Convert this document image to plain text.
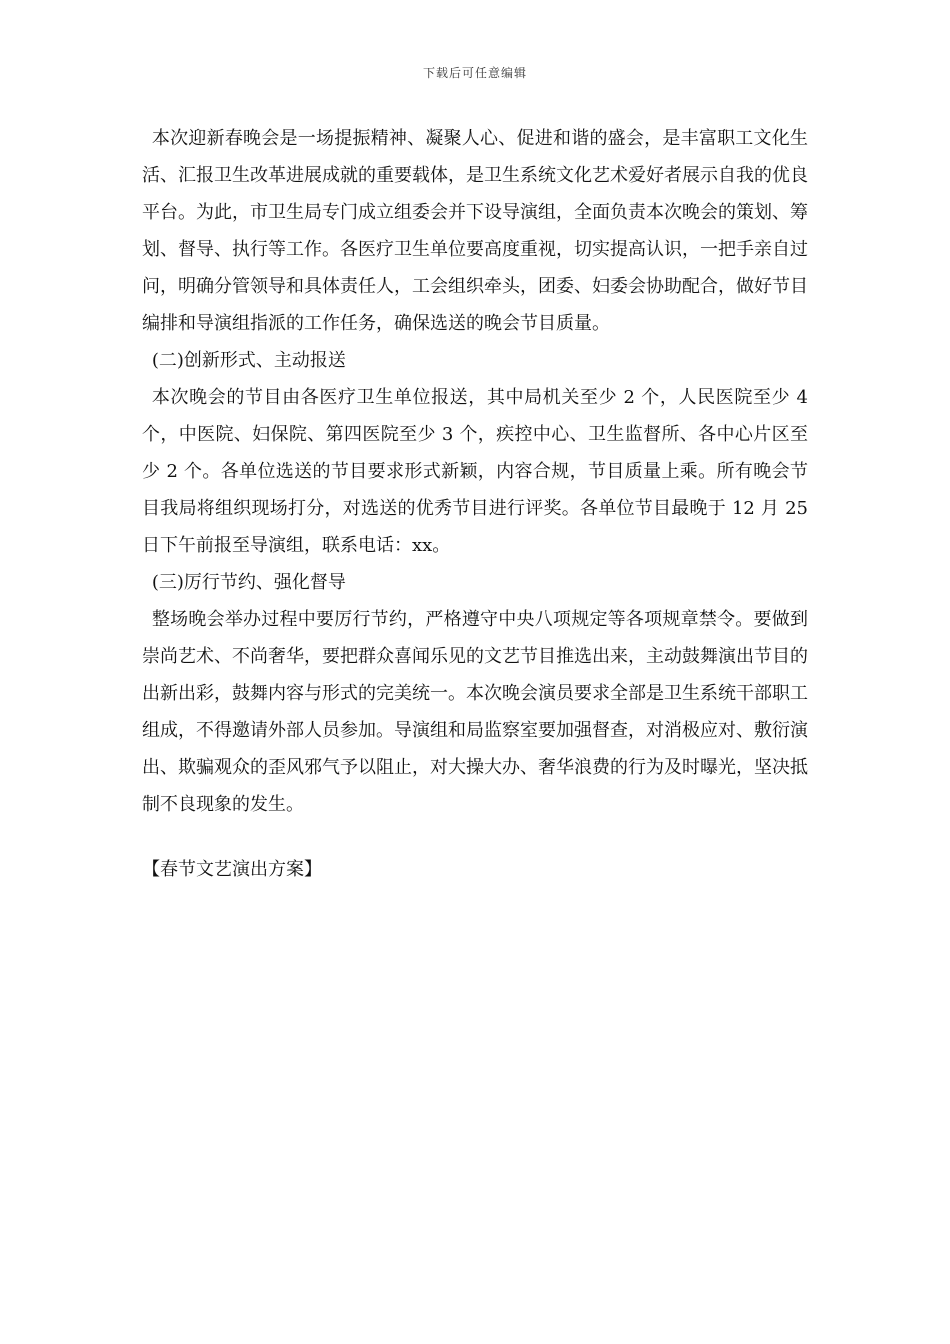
下载后可任意编辑

本次迎新春晚会是一场提振精神、凝聚人心、促进和谐的盛会，是丰富职工文化生活、汇报卫生改革进展成就的重要载体，是卫生系统文化艺术爱好者展示自我的优良平台。为此，市卫生局专门成立组委会并下设导演组，全面负责本次晚会的策划、筹划、督导、执行等工作。各医疗卫生单位要高度重视，切实提高认识，一把手亲自过问，明确分管领导和具体责任人，工会组织牵头，团委、妇委会协助配合，做好节目编排和导演组指派的工作任务，确保选送的晚会节目质量。

(二)创新形式、主动报送

本次晚会的节目由各医疗卫生单位报送，其中局机关至少 2 个，人民医院至少 4 个，中医院、妇保院、第四医院至少 3 个，疾控中心、卫生监督所、各中心片区至少 2 个。各单位选送的节目要求形式新颖，内容合规，节目质量上乘。所有晚会节目我局将组织现场打分，对选送的优秀节目进行评奖。各单位节目最晚于 12 月 25 日下午前报至导演组，联系电话：xx。

(三)厉行节约、强化督导

整场晚会举办过程中要厉行节约，严格遵守中央八项规定等各项规章禁令。要做到崇尚艺术、不尚奢华，要把群众喜闻乐见的文艺节目推选出来，主动鼓舞演出节目的出新出彩，鼓舞内容与形式的完美统一。本次晚会演员要求全部是卫生系统干部职工组成，不得邀请外部人员参加。导演组和局监察室要加强督查，对消极应对、敷衍演出、欺骗观众的歪风邪气予以阻止，对大操大办、奢华浪费的行为及时曝光，坚决抵制不良现象的发生。

【春节文艺演出方案】
